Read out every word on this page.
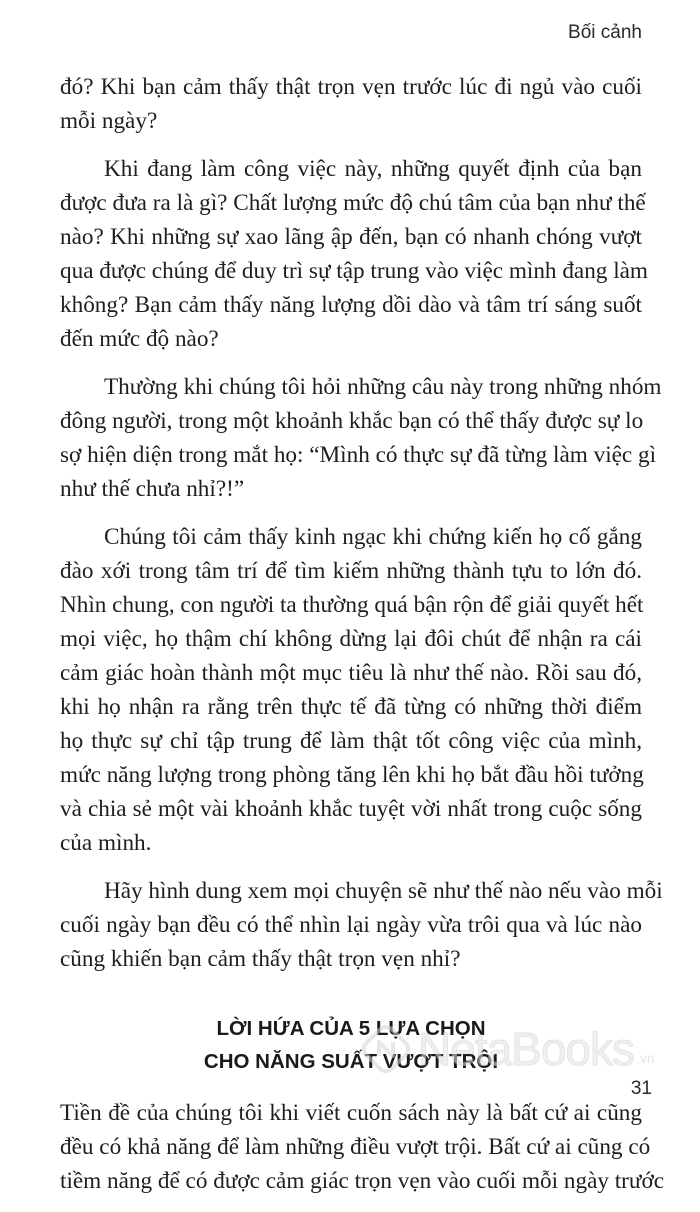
Bối cảnh
đó? Khi bạn cảm thấy thật trọn vẹn trước lúc đi ngủ vào cuối
mỗi ngày?
Khi đang làm công việc này, những quyết định của bạn
được đưa ra là gì? Chất lượng mức độ chú tâm của bạn như thế
nào? Khi những sự xao lãng ập đến, bạn có nhanh chóng vượt
qua được chúng để duy trì sự tập trung vào việc mình đang làm
không? Bạn cảm thấy năng lượng dồi dào và tâm trí sáng suốt
đến mức độ nào?
Thường khi chúng tôi hỏi những câu này trong những nhóm
đông người, trong một khoảnh khắc bạn có thể thấy được sự lo
sợ hiện diện trong mắt họ: “Mình có thực sự đã từng làm việc gì
như thế chưa nhỉ?!”
Chúng tôi cảm thấy kinh ngạc khi chứng kiến họ cố gắng
đào xới trong tâm trí để tìm kiếm những thành tựu to lớn đó.
Nhìn chung, con người ta thường quá bận rộn để giải quyết hết
mọi việc, họ thậm chí không dừng lại đôi chút để nhận ra cái
cảm giác hoàn thành một mục tiêu là như thế nào. Rồi sau đó,
khi họ nhận ra rằng trên thực tế đã từng có những thời điểm
họ thực sự chỉ tập trung để làm thật tốt công việc của mình,
mức năng lượng trong phòng tăng lên khi họ bắt đầu hồi tưởng
và chia sẻ một vài khoảnh khắc tuyệt vời nhất trong cuộc sống
của mình.
Hãy hình dung xem mọi chuyện sẽ như thế nào nếu vào mỗi
cuối ngày bạn đều có thể nhìn lại ngày vừa trôi qua và lúc nào
cũng khiến bạn cảm thấy thật trọn vẹn nhỉ?
LỜI HỨA CỦA 5 LỰA CHỌN
CHO NĂNG SUẤT VƯỢT TRỘI
Tiền đề của chúng tôi khi viết cuốn sách này là bất cứ ai cũng
đều có khả năng để làm những điều vượt trội. Bất cứ ai cũng có
tiềm năng để có được cảm giác trọn vẹn vào cuối mỗi ngày trước
NetaBooks .vn
31
